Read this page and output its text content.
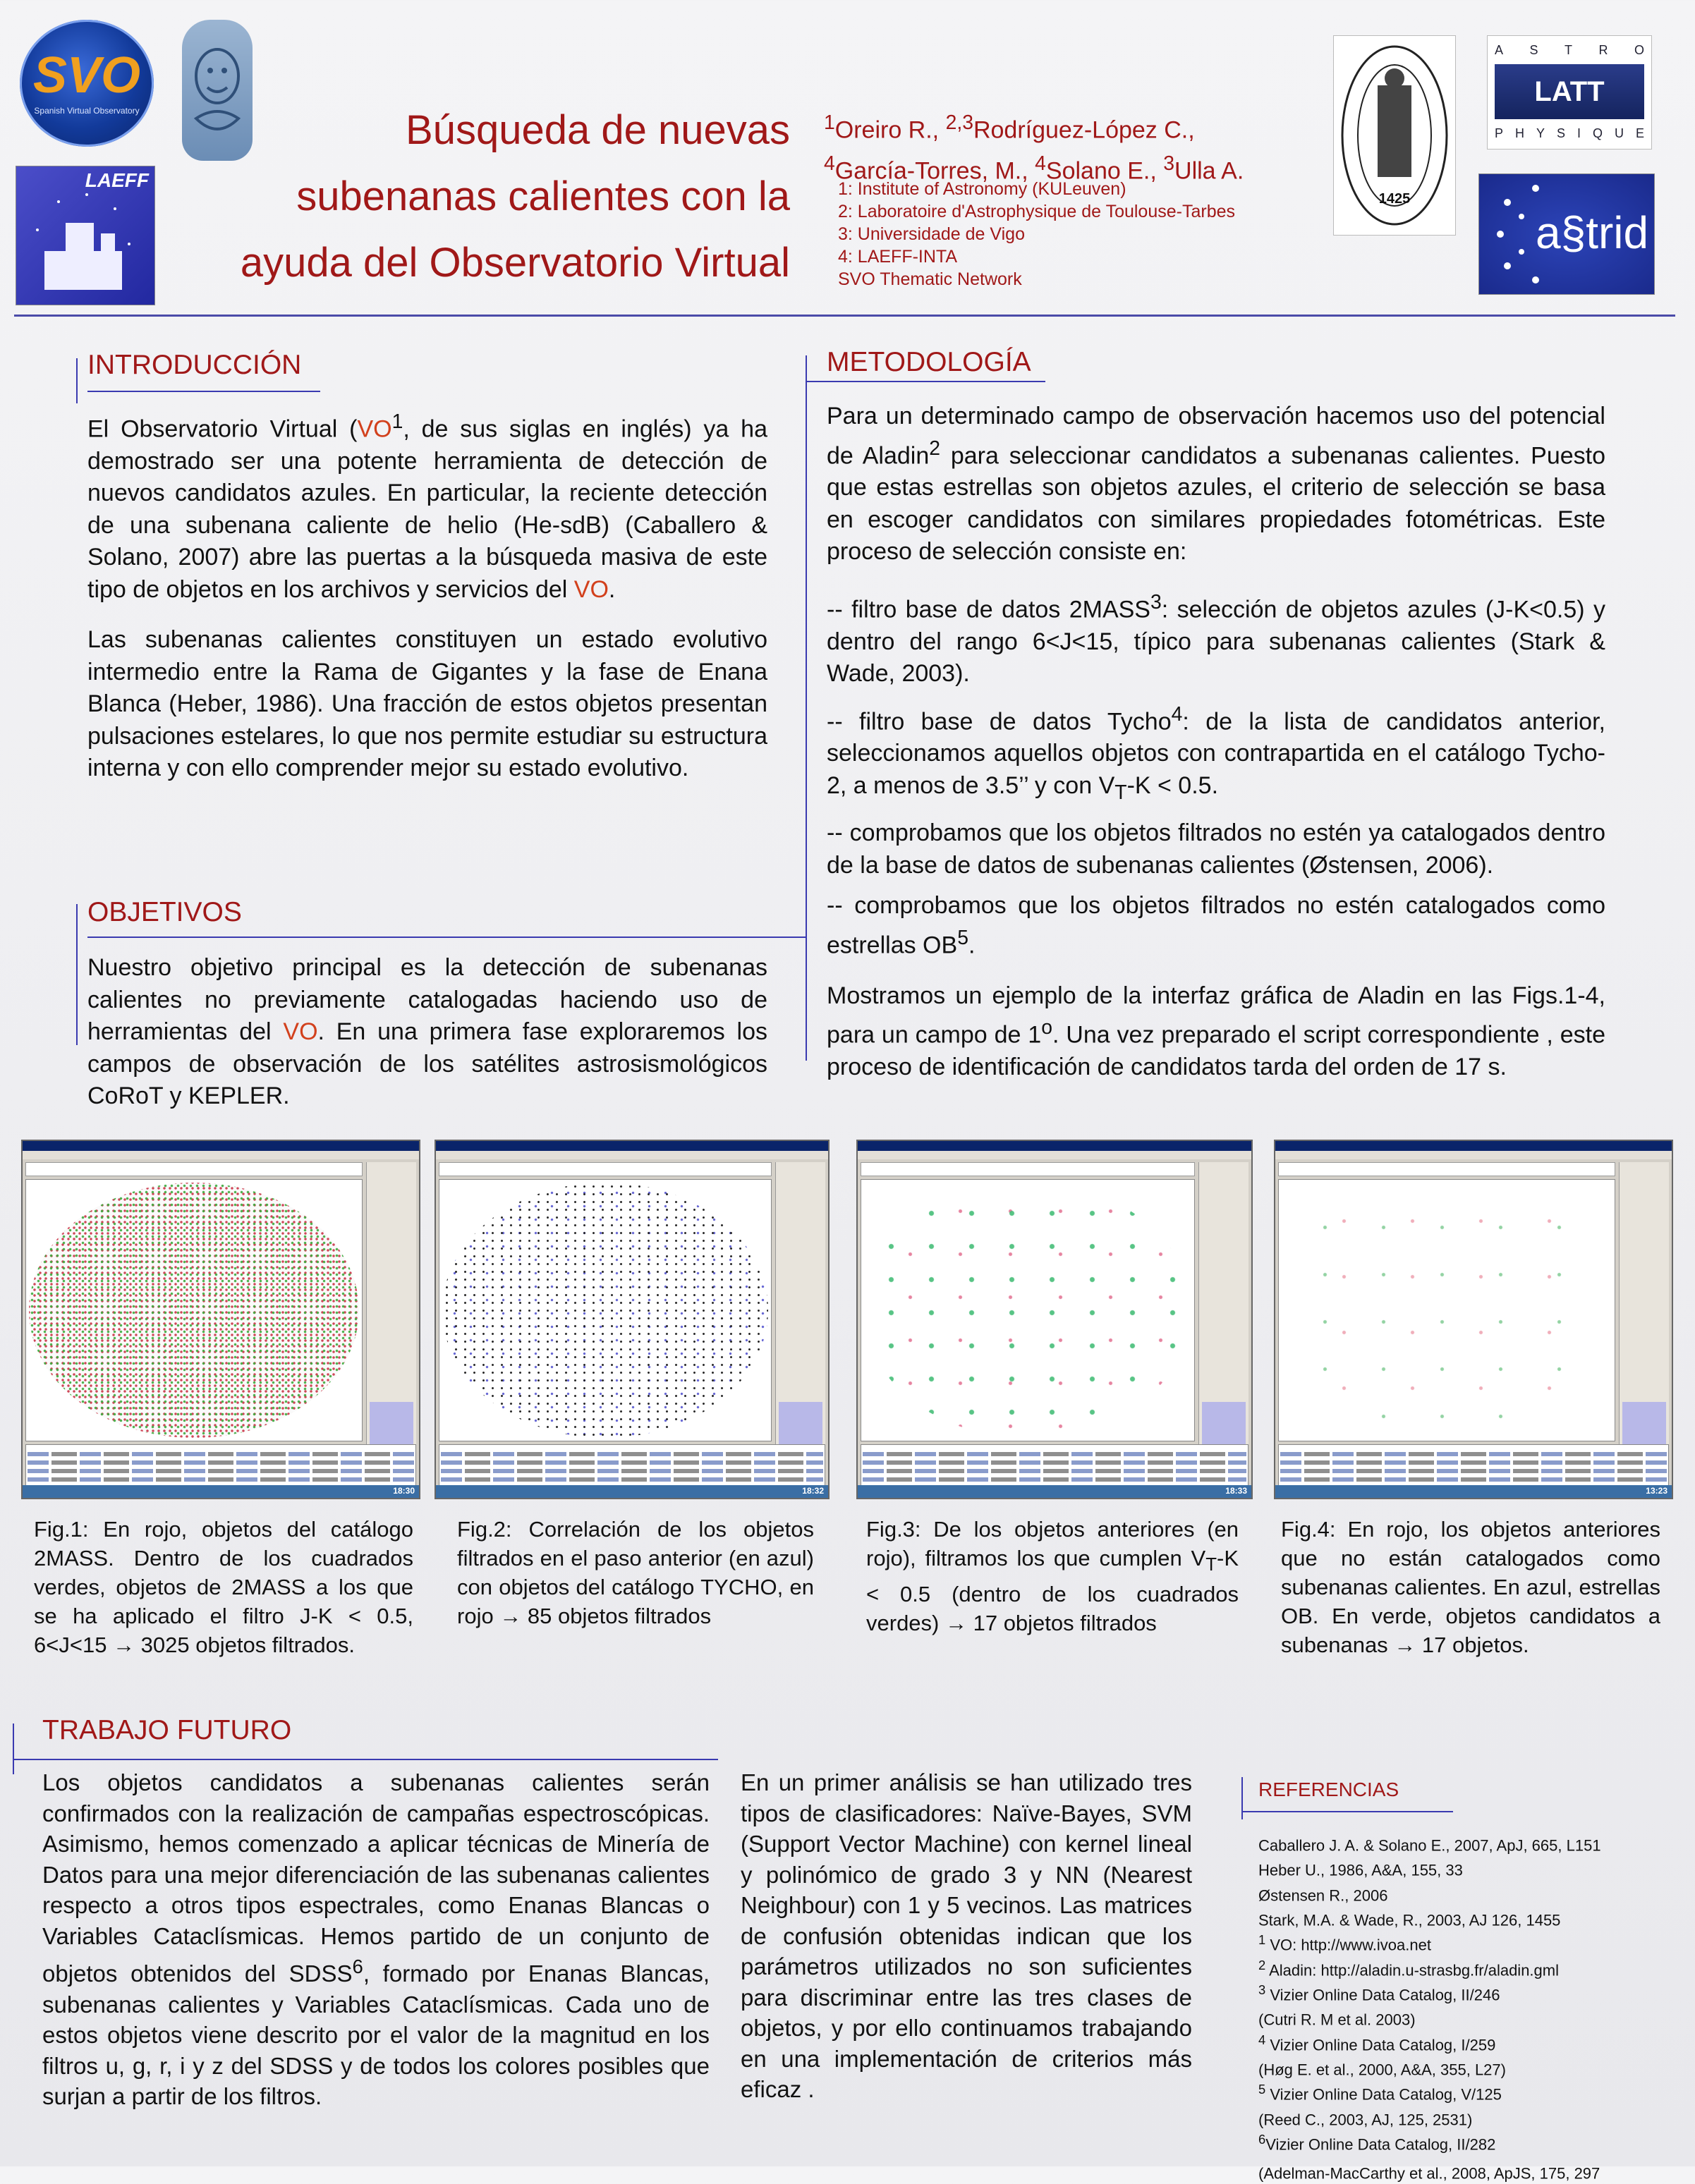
SVO
Spanish Virtual Observatory
LAEFF
1425
A S T R O
LATT
P H Y S I Q U E
a§trid
Búsqueda de nuevas
subenanas calientes con la
ayuda del Observatorio Virtual
$^1$Oreiro R., $^{2,3}$Rodríguez-López C.,
$^4$García-Torres, M., $^4$Solano E., $^3$Ulla A.
1: Institute of Astronomy (KULeuven)
2: Laboratoire d'Astrophysique de Toulouse-Tarbes
3: Universidade de Vigo
4: LAEFF-INTA
SVO Thematic Network
INTRODUCCIÓN

El Observatorio Virtual ($VO^1$, de sus siglas en inglés) ya ha demostrado ser una potente herramienta de detección de nuevos candidatos azules. En particular, la reciente detección de una subenana caliente de helio (He-sdB) (Caballero & Solano, 2007) abre las puertas a la búsqueda masiva de este tipo de objetos en los archivos y servicios del VO.

Las subenanas calientes constituyen un estado evolutivo intermedio entre la Rama de Gigantes y la fase de Enana Blanca (Heber, 1986). Una fracción de estos objetos presentan pulsaciones estelares, lo que nos permite estudiar su estructura interna y con ello comprender mejor su estado evolutivo.

OBJETIVOS

Nuestro objetivo principal es la detección de subenanas calientes no previamente catalogadas haciendo uso de herramientas del VO. En una primera fase exploraremos los campos de observación de los satélites astrosismológicos CoRoT y KEPLER.

METODOLOGÍA

Para un determinado campo de observación hacemos uso del potencial de Aladin$^2$ para seleccionar candidatos a subenanas calientes. Puesto que estas estrellas son objetos azules, el criterio de selección se basa en escoger candidatos con similares propiedades fotométricas. Este proceso de selección consiste en:

-- filtro base de datos 2MASS$^3$: selección de objetos azules (J-K<0.5) y dentro del rango 6<J<15, típico para subenanas calientes (Stark & Wade, 2003).

-- filtro base de datos Tycho$^4$: de la lista de candidatos anterior, seleccionamos aquellos objetos con contrapartida en el catálogo Tycho-2, a menos de 3.5’’ y con $V_T-K < 0.5$.

-- comprobamos que los objetos filtrados no estén ya catalogados dentro de la base de datos de subenanas calientes (Østensen, 2006).

-- comprobamos que los objetos filtrados no estén catalogados como estrellas $OB^5$.

Mostramos un ejemplo de la interfaz gráfica de Aladin en las Figs.1-4, para un campo de 1$^o$. Una vez preparado el script correspondiente , este proceso de identificación de candidatos tarda del orden de 17 s.

18:30	18:32	18:33	13:23
Fig.1: En rojo, objetos del catálogo 2MASS. Dentro de los cuadrados verdes, objetos de 2MASS a los que se ha aplicado el filtro J-K < 0.5, 6<J<15 → 3025 objetos filtrados.
Fig.2: Correlación de los objetos filtrados en el paso anterior (en azul) con objetos del catálogo TYCHO, en rojo → 85 objetos filtrados
Fig.3: De los objetos anteriores (en rojo), filtramos los que cumplen $V_T-K < 0.5$ (dentro de los cuadrados verdes) → 17 objetos filtrados
Fig.4: En rojo, los objetos anteriores que no están catalogados como subenanas calientes. En azul, estrellas OB. En verde, objetos candidatos a subenanas → 17 objetos.
TRABAJO FUTURO

Los objetos candidatos a subenanas calientes serán confirmados con la realización de campañas espectroscópicas. Asimismo, hemos comenzado a aplicar técnicas de Minería de Datos para una mejor diferenciación de las subenanas calientes respecto a otros tipos espectrales, como Enanas Blancas o Variables Cataclísmicas. Hemos partido de un conjunto de objetos obtenidos del SDSS$^6$, formado por Enanas Blancas, subenanas calientes y Variables Cataclísmicas. Cada uno de estos objetos viene descrito por el valor de la magnitud en los filtros u, g, r, i y z del SDSS y de todos los colores posibles que surjan a partir de los filtros.

En un primer análisis se han utilizado tres tipos de clasificadores: Naïve-Bayes, SVM (Support Vector Machine) con kernel lineal y polinómico de grado 3 y NN (Nearest Neighbour) con 1 y 5 vecinos. Las matrices de confusión obtenidas indican que los parámetros utilizados no son suficientes para discriminar entre las tres clases de objetos, y por ello continuamos trabajando en una implementación de criterios más eficaz .

REFERENCIAS
Caballero J. A. & Solano E., 2007, ApJ, 665, L151
Heber U., 1986, A&A, 155, 33
Østensen R., 2006
Stark, M.A. & Wade, R., 2003, AJ 126, 1455
$^1$ VO: http://www.ivoa.net
$^2$ Aladin: http://aladin.u-strasbg.fr/aladin.gml
$^3$ Vizier Online Data Catalog, II/246
(Cutri R. M et al. 2003)
$^4$ Vizier Online Data Catalog, I/259
(Høg E. et al., 2000, A&A, 355, L27)
$^5$ Vizier Online Data Catalog, V/125
(Reed C., 2003, AJ, 125, 2531)
$^6$Vizier Online Data Catalog, II/282
(Adelman-MacCarthy et al., 2008, ApJS, 175, 297
